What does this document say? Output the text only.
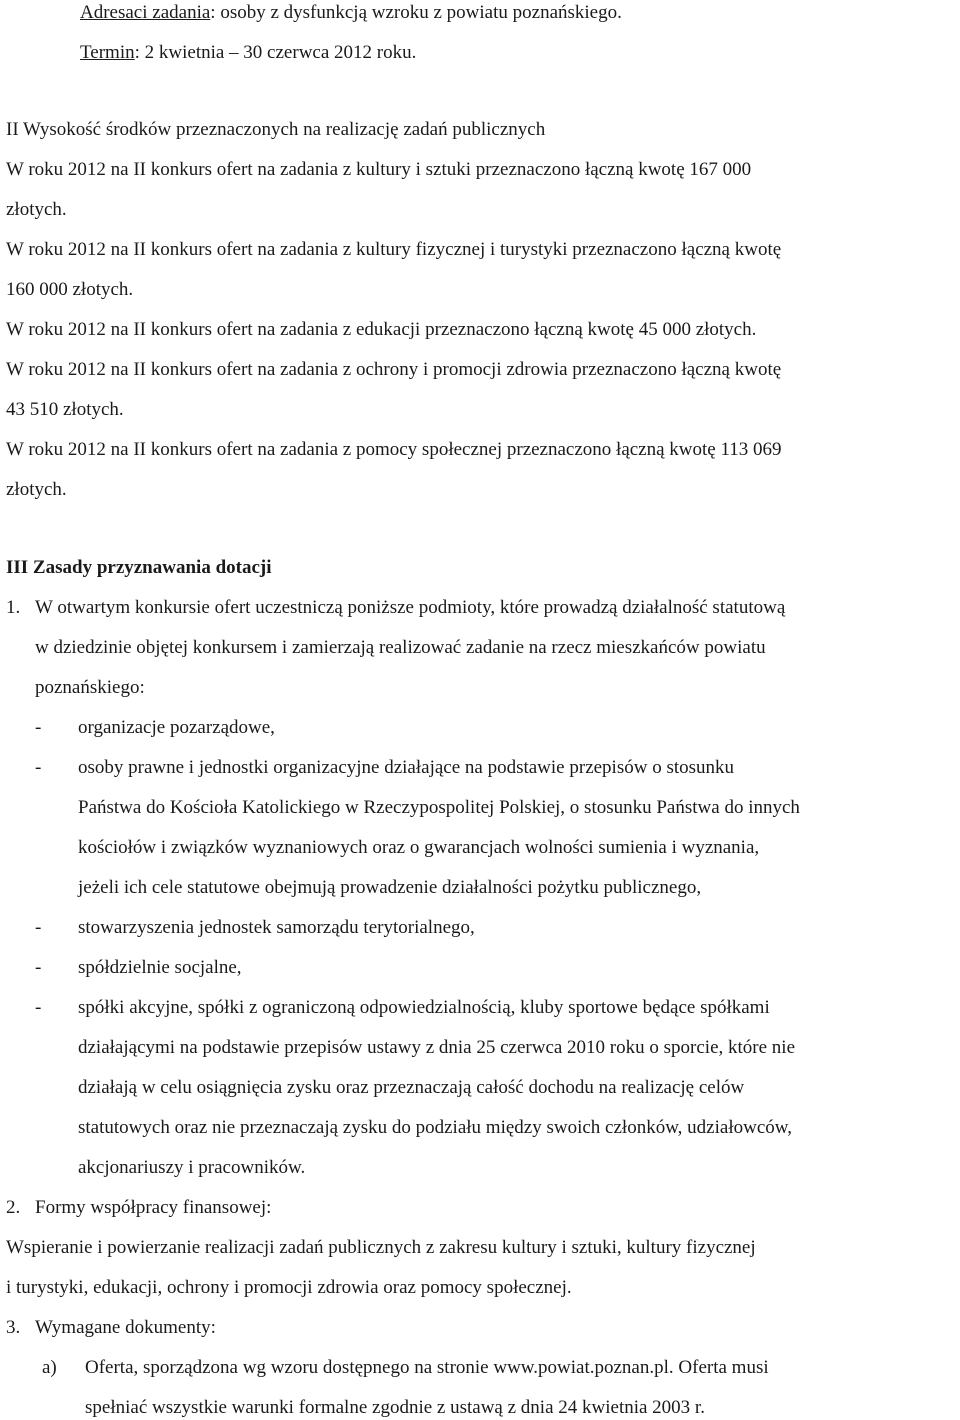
Adresaci zadania: osoby z dysfunkcją wzroku z powiatu poznańskiego.
Termin: 2 kwietnia – 30 czerwca 2012 roku.
II Wysokość środków przeznaczonych na realizację zadań publicznych
W roku 2012 na II konkurs ofert na zadania z kultury i sztuki przeznaczono łączną kwotę 167 000
złotych.
W roku 2012 na II konkurs ofert na zadania z kultury fizycznej i turystyki przeznaczono łączną kwotę
160 000 złotych.
W roku 2012 na II konkurs ofert na zadania z edukacji przeznaczono łączną kwotę 45 000 złotych.
W roku 2012 na II konkurs ofert na zadania z ochrony i promocji zdrowia przeznaczono łączną kwotę
43 510 złotych.
W roku 2012 na II konkurs ofert na zadania z pomocy społecznej przeznaczono łączną kwotę 113 069
złotych.
III Zasady przyznawania dotacji
1. W otwartym konkursie ofert uczestniczą poniższe podmioty, które prowadzą działalność statutową
w dziedzinie objętej konkursem i zamierzają realizować zadanie na rzecz mieszkańców powiatu
poznańskiego:
- organizacje pozarządowe,
- osoby prawne i jednostki organizacyjne działające na podstawie przepisów o stosunku
Państwa do Kościoła Katolickiego w Rzeczypospolitej Polskiej, o stosunku Państwa do innych
kościołów i związków wyznaniowych oraz o gwarancjach wolności sumienia i wyznania,
jeżeli ich cele statutowe obejmują prowadzenie działalności pożytku publicznego,
- stowarzyszenia jednostek samorządu terytorialnego,
- spółdzielnie socjalne,
- spółki akcyjne, spółki z ograniczoną odpowiedzialnością, kluby sportowe będące spółkami
działającymi na podstawie przepisów ustawy z dnia 25 czerwca 2010 roku o sporcie, które nie
działają w celu osiągnięcia zysku oraz przeznaczają całość dochodu na realizację celów
statutowych oraz nie przeznaczają zysku do podziału między swoich członków, udziałowców,
akcjonariuszy i pracowników.
2. Formy współpracy finansowej:
Wspieranie i powierzanie realizacji zadań publicznych z zakresu kultury i sztuki, kultury fizycznej
i turystyki, edukacji, ochrony i promocji zdrowia oraz pomocy społecznej.
3. Wymagane dokumenty:
a) Oferta, sporządzona wg wzoru dostępnego na stronie www.powiat.poznan.pl. Oferta musi
spełniać wszystkie warunki formalne zgodnie z ustawą z dnia 24 kwietnia 2003 r.
